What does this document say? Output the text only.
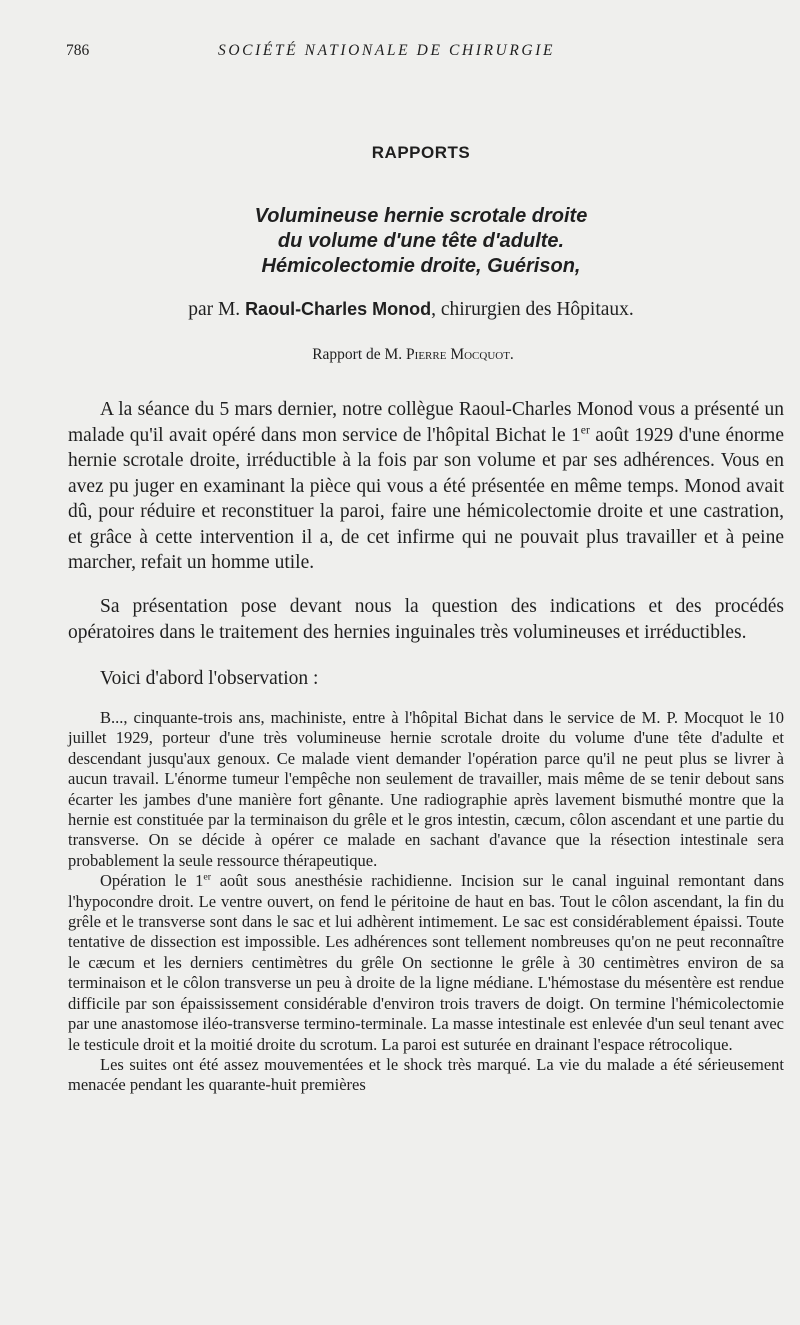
786	SOCIÉTÉ NATIONALE DE CHIRURGIE
RAPPORTS
Volumineuse hernie scrotale droite
du volume d'une tête d'adulte.
Hémicolectomie droite, Guérison,
par M. Raoul-Charles Monod, chirurgien des Hôpitaux.
Rapport de M. Pierre Mocquot.

A la séance du 5 mars dernier, notre collègue Raoul-Charles Monod vous a présenté un malade qu'il avait opéré dans mon service de l'hôpital Bichat le 1er août 1929 d'une énorme hernie scrotale droite, irréductible à la fois par son volume et par ses adhérences. Vous en avez pu juger en examinant la pièce qui vous a été présentée en même temps. Monod avait dû, pour réduire et reconstituer la paroi, faire une hémicolectomie droite et une castration, et grâce à cette intervention il a, de cet infirme qui ne pouvait plus travailler et à peine marcher, refait un homme utile.

Sa présentation pose devant nous la question des indications et des procédés opératoires dans le traitement des hernies inguinales très volumineuses et irréductibles.

Voici d'abord l'observation :

B..., cinquante-trois ans, machiniste, entre à l'hôpital Bichat dans le service de M. P. Mocquot le 10 juillet 1929, porteur d'une très volumineuse hernie scrotale droite du volume d'une tête d'adulte et descendant jusqu'aux genoux. Ce malade vient demander l'opération parce qu'il ne peut plus se livrer à aucun travail. L'énorme tumeur l'empêche non seulement de travailler, mais même de se tenir debout sans écarter les jambes d'une manière fort gênante. Une radiographie après lavement bismuthé montre que la hernie est constituée par la terminaison du grêle et le gros intestin, cæcum, côlon ascendant et une partie du transverse. On se décide à opérer ce malade en sachant d'avance que la résection intestinale sera probablement la seule ressource thérapeutique.

Opération le 1er août sous anesthésie rachidienne. Incision sur le canal inguinal remontant dans l'hypocondre droit. Le ventre ouvert, on fend le péritoine de haut en bas. Tout le côlon ascendant, la fin du grêle et le transverse sont dans le sac et lui adhèrent intimement. Le sac est considérablement épaissi. Toute tentative de dissection est impossible. Les adhérences sont tellement nombreuses qu'on ne peut reconnaître le cæcum et les derniers centimètres du grêle On sectionne le grêle à 30 centimètres environ de sa terminaison et le côlon transverse un peu à droite de la ligne médiane. L'hémostase du mésentère est rendue difficile par son épaississement considérable d'environ trois travers de doigt. On termine l'hémicolectomie par une anastomose iléo-transverse termino-terminale. La masse intestinale est enlevée d'un seul tenant avec le testicule droit et la moitié droite du scrotum. La paroi est suturée en drainant l'espace rétrocolique.

Les suites ont été assez mouvementées et le shock très marqué. La vie du malade a été sérieusement menacée pendant les quarante-huit premières
